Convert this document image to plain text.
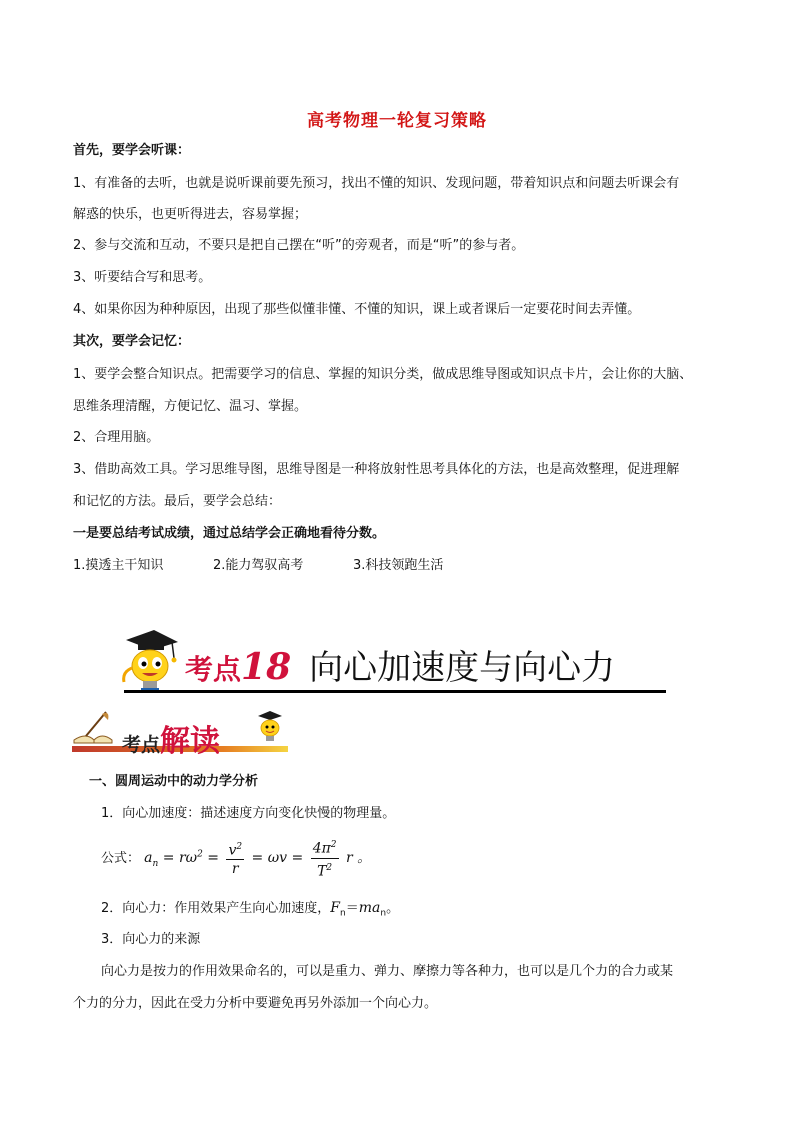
高考物理一轮复习策略
首先，要学会听课：
1、有准备的去听，也就是说听课前要先预习，找出不懂的知识、发现问题，带着知识点和问题去听课会有
解惑的快乐，也更听得进去，容易掌握；
2、参与交流和互动，不要只是把自己摆在“听”的旁观者，而是“听”的参与者。
3、听要结合写和思考。
4、如果你因为种种原因，出现了那些似懂非懂、不懂的知识，课上或者课后一定要花时间去弄懂。
其次，要学会记忆：
1、要学会整合知识点。把需要学习的信息、掌握的知识分类，做成思维导图或知识点卡片，会让你的大脑、
思维条理清醒，方便记忆、温习、掌握。
2、合理用脑。
3、借助高效工具。学习思维导图，思维导图是一种将放射性思考具体化的方法，也是高效整理，促进理解
和记忆的方法。最后，要学会总结：
一是要总结考试成绩，通过总结学会正确地看待分数。
1.摸透主干知识	2.能力驾驭高考	3.科技领跑生活
考点18 向心加速度与向心力
考点解读
一、圆周运动中的动力学分析
1．向心加速度：描述速度方向变化快慢的物理量。
公式： $a_n = r\omega^2 = \frac{v^2}{r} = \omega v = \frac{4\pi^2}{T^2}$ r 。
2．向心力：作用效果产生向心加速度，$F_n=ma_n$。
3．向心力的来源
向心力是按力的作用效果命名的，可以是重力、弹力、摩擦力等各种力，也可以是几个力的合力或某
个力的分力，因此在受力分析中要避免再另外添加一个向心力。
